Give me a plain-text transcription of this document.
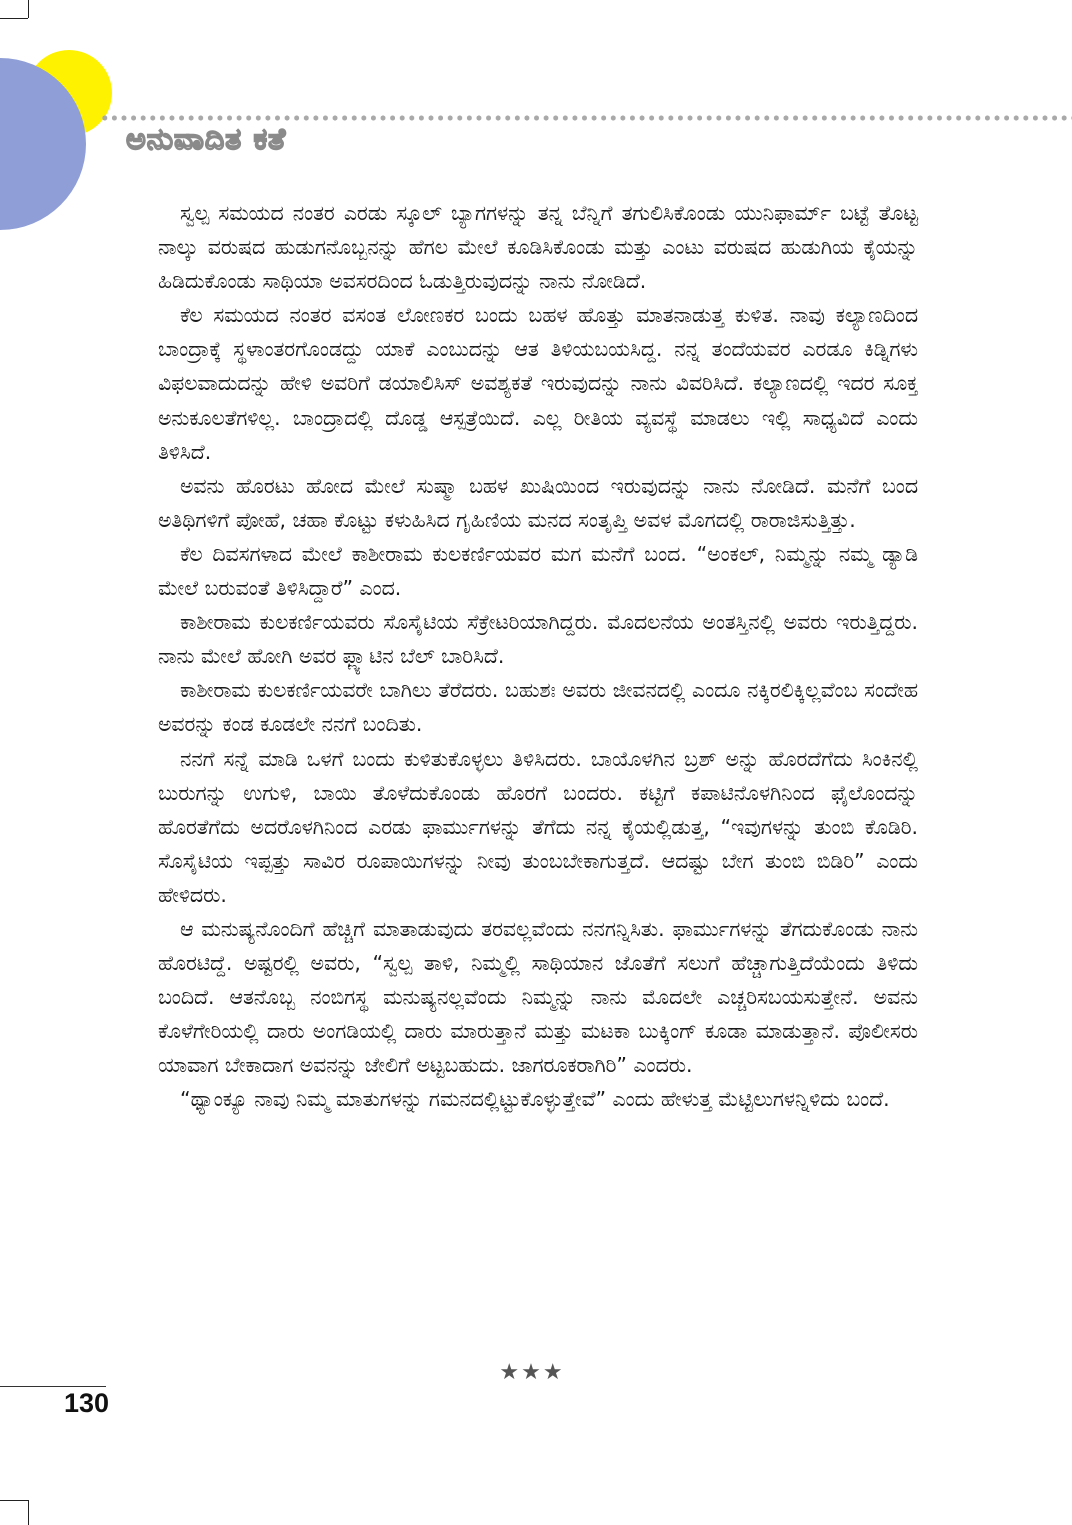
ಅನುವಾದಿತ ಕತೆ

ಸ್ವಲ್ಪ ಸಮಯದ ನಂತರ ಎರಡು ಸ್ಕೂಲ್ ಬ್ಯಾಗಗಳನ್ನು ತನ್ನ ಬೆನ್ನಿಗೆ ತಗುಲಿಸಿಕೊಂಡು ಯುನಿಫಾರ್ಮ್ ಬಟ್ಟೆ ತೊಟ್ಟ ನಾಲ್ಕು ವರುಷದ ಹುಡುಗನೊಬ್ಬನನ್ನು ಹೆಗಲ ಮೇಲೆ ಕೂಡಿಸಿಕೊಂಡು ಮತ್ತು ಎಂಟು ವರುಷದ ಹುಡುಗಿಯ ಕೈಯನ್ನು ಹಿಡಿದುಕೊಂಡು ಸಾಥಿಯಾ ಅವಸರದಿಂದ ಓಡುತ್ತಿರುವುದನ್ನು ನಾನು ನೋಡಿದೆ.

ಕೆಲ ಸಮಯದ ನಂತರ ವಸಂತ ಲೋಣಕರ ಬಂದು ಬಹಳ ಹೊತ್ತು ಮಾತನಾಡುತ್ತ ಕುಳಿತ. ನಾವು ಕಲ್ಯಾಣದಿಂದ ಬಾಂದ್ರಾಕ್ಕೆ ಸ್ಥಳಾಂತರಗೊಂಡದ್ದು ಯಾಕೆ ಎಂಬುದನ್ನು ಆತ ತಿಳಿಯಬಯಸಿದ್ದ. ನನ್ನ ತಂದೆಯವರ ಎರಡೂ ಕಿಡ್ನಿಗಳು ವಿಫಲವಾದುದನ್ನು ಹೇಳಿ ಅವರಿಗೆ ಡಯಾಲಿಸಿಸ್ ಅವಶ್ಯಕತೆ ಇರುವುದನ್ನು ನಾನು ವಿವರಿಸಿದೆ. ಕಲ್ಯಾಣದಲ್ಲಿ ಇದರ ಸೂಕ್ತ ಅನುಕೂಲತೆಗಳಿಲ್ಲ. ಬಾಂದ್ರಾದಲ್ಲಿ ದೊಡ್ಡ ಆಸ್ಪತ್ರೆಯಿದೆ. ಎಲ್ಲ ರೀತಿಯ ವ್ಯವಸ್ಥೆ ಮಾಡಲು ಇಲ್ಲಿ ಸಾಧ್ಯವಿದೆ ಎಂದು ತಿಳಿಸಿದೆ.

ಅವನು ಹೊರಟು ಹೋದ ಮೇಲೆ ಸುಷ್ಮಾ ಬಹಳ ಖುಷಿಯಿಂದ ಇರುವುದನ್ನು ನಾನು ನೋಡಿದೆ. ಮನೆಗೆ ಬಂದ ಅತಿಥಿಗಳಿಗೆ ಪೋಹೆ, ಚಹಾ ಕೊಟ್ಟು ಕಳುಹಿಸಿದ ಗೃಹಿಣಿಯ ಮನದ ಸಂತೃಪ್ತಿ ಅವಳ ಮೊಗದಲ್ಲಿ ರಾರಾಜಿಸುತ್ತಿತ್ತು.

ಕೆಲ ದಿವಸಗಳಾದ ಮೇಲೆ ಕಾಶೀರಾಮ ಕುಲಕರ್ಣಿಯವರ ಮಗ ಮನೆಗೆ ಬಂದ. “ಅಂಕಲ್, ನಿಮ್ಮನ್ನು ನಮ್ಮ ಡ್ಯಾಡಿ ಮೇಲೆ ಬರುವಂತೆ ತಿಳಿಸಿದ್ದಾರೆ” ಎಂದ.

ಕಾಶೀರಾಮ ಕುಲಕರ್ಣಿಯವರು ಸೊಸೈಟಿಯ ಸೆಕ್ರೇಟರಿಯಾಗಿದ್ದರು. ಮೊದಲನೆಯ ಅಂತಸ್ತಿನಲ್ಲಿ ಅವರು ಇರುತ್ತಿದ್ದರು. ನಾನು ಮೇಲೆ ಹೋಗಿ ಅವರ ಫ್ಲ್ಯಾಟಿನ ಬೆಲ್ ಬಾರಿಸಿದೆ.

ಕಾಶೀರಾಮ ಕುಲಕರ್ಣಿಯವರೇ ಬಾಗಿಲು ತೆರೆದರು. ಬಹುಶಃ ಅವರು ಜೀವನದಲ್ಲಿ ಎಂದೂ ನಕ್ಕಿರಲಿಕ್ಕಿಲ್ಲವೆಂಬ ಸಂದೇಹ ಅವರನ್ನು ಕಂಡ ಕೂಡಲೇ ನನಗೆ ಬಂದಿತು.

ನನಗೆ ಸನ್ನೆ ಮಾಡಿ ಒಳಗೆ ಬಂದು ಕುಳಿತುಕೊಳ್ಳಲು ತಿಳಿಸಿದರು. ಬಾಯೊಳಗಿನ ಬ್ರಶ್ ಅನ್ನು ಹೊರದೆಗೆದು ಸಿಂಕಿನಲ್ಲಿ ಬುರುಗನ್ನು ಉಗುಳಿ, ಬಾಯಿ ತೊಳೆದುಕೊಂಡು ಹೊರಗೆ ಬಂದರು. ಕಟ್ಟಿಗೆ ಕಪಾಟಿನೊಳಗಿನಿಂದ ಫೈಲೊಂದನ್ನು ಹೊರತೆಗೆದು ಅದರೊಳಗಿನಿಂದ ಎರಡು ಫಾರ್ಮುಗಳನ್ನು ತೆಗೆದು ನನ್ನ ಕೈಯಲ್ಲಿಡುತ್ತ, “ಇವುಗಳನ್ನು ತುಂಬಿ ಕೊಡಿರಿ. ಸೊಸೈಟಿಯ ಇಪ್ಪತ್ತು ಸಾವಿರ ರೂಪಾಯಿಗಳನ್ನು ನೀವು ತುಂಬಬೇಕಾಗುತ್ತದೆ. ಆದಷ್ಟು ಬೇಗ ತುಂಬಿ ಬಿಡಿರಿ” ಎಂದು ಹೇಳಿದರು.

ಆ ಮನುಷ್ಯನೊಂದಿಗೆ ಹೆಚ್ಚಿಗೆ ಮಾತಾಡುವುದು ತರವಲ್ಲವೆಂದು ನನಗನ್ನಿಸಿತು. ಫಾರ್ಮುಗಳನ್ನು ತೆಗದುಕೊಂಡು ನಾನು ಹೊರಟಿದ್ದೆ. ಅಷ್ಟರಲ್ಲಿ ಅವರು, “ಸ್ವಲ್ಪ ತಾಳಿ, ನಿಮ್ಮಲ್ಲಿ ಸಾಥಿಯಾನ ಜೊತೆಗೆ ಸಲುಗೆ ಹೆಚ್ಚಾಗುತ್ತಿದೆಯೆಂದು ತಿಳಿದು ಬಂದಿದೆ. ಆತನೊಬ್ಬ ನಂಬಿಗಸ್ಥ ಮನುಷ್ಯನಲ್ಲವೆಂದು ನಿಮ್ಮನ್ನು ನಾನು ಮೊದಲೇ ಎಚ್ಚರಿಸಬಯಸುತ್ತೇನೆ. ಅವನು ಕೊಳೆಗೇರಿಯಲ್ಲಿ ದಾರು ಅಂಗಡಿಯಲ್ಲಿ ದಾರು ಮಾರುತ್ತಾನೆ ಮತ್ತು ಮಟಕಾ ಬುಕ್ಕಿಂಗ್ ಕೂಡಾ ಮಾಡುತ್ತಾನೆ. ಪೊಲೀಸರು ಯಾವಾಗ ಬೇಕಾದಾಗ ಅವನನ್ನು ಜೇಲಿಗೆ ಅಟ್ಟಬಹುದು. ಜಾಗರೂಕರಾಗಿರಿ” ಎಂದರು.

“ಥ್ಯಾಂಕ್ಯೂ ನಾವು ನಿಮ್ಮ ಮಾತುಗಳನ್ನು ಗಮನದಲ್ಲಿಟ್ಟುಕೊಳ್ಳುತ್ತೇವೆ” ಎಂದು ಹೇಳುತ್ತ ಮೆಟ್ಟಿಲುಗಳನ್ನಿಳಿದು ಬಂದೆ.

★★★
130
